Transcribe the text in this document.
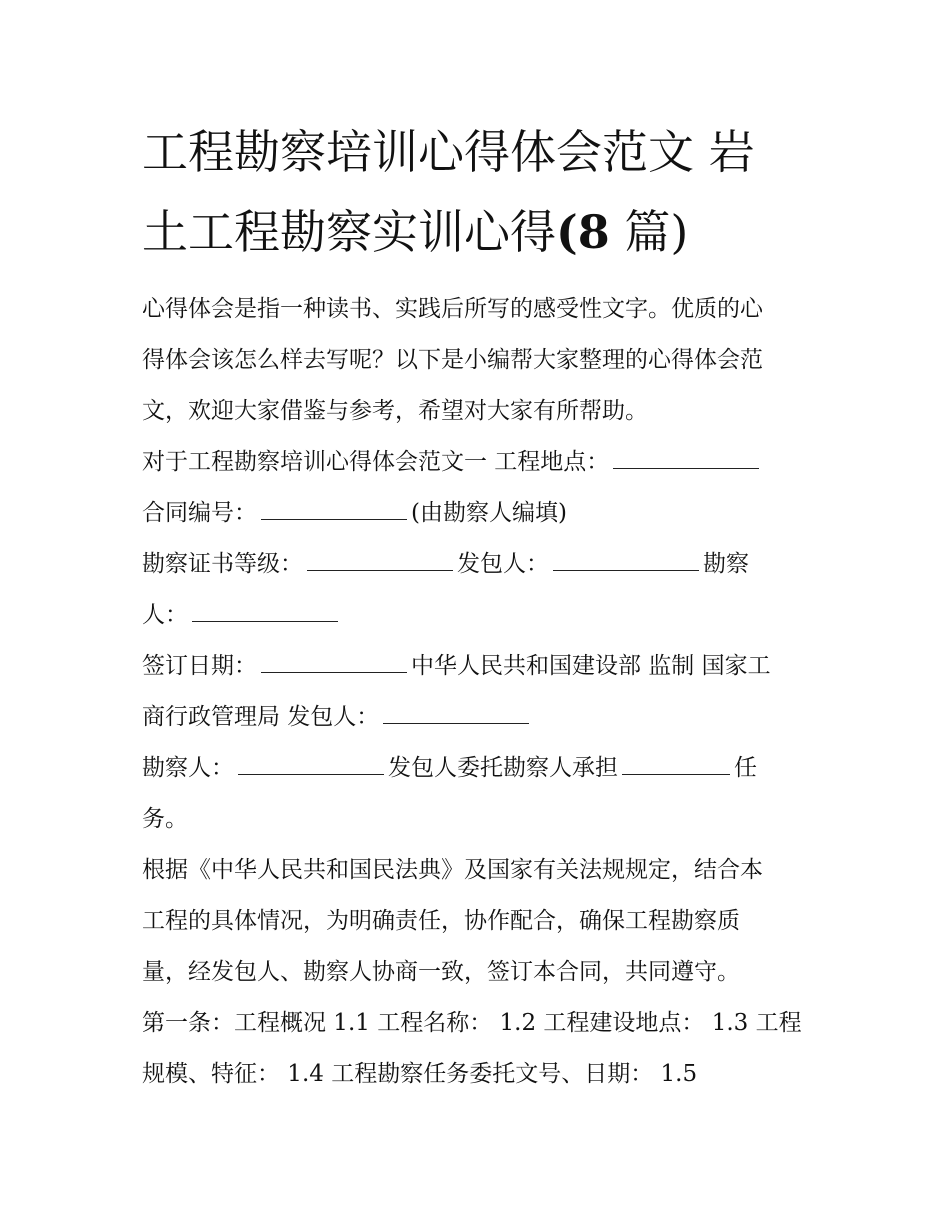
工程勘察培训心得体会范文 岩
土工程勘察实训心得(8 篇)

心得体会是指一种读书、实践后所写的感受性文字。优质的心

得体会该怎么样去写呢？以下是小编帮大家整理的心得体会范

文，欢迎大家借鉴与参考，希望对大家有所帮助。

对于工程勘察培训心得体会范文一 工程地点：

合同编号：	(由勘察人编填)

勘察证书等级：	发包人：	勘察

人：

签订日期：	中华人民共和国建设部 监制 国家工

商行政管理局 发包人：

勘察人：	发包人委托勘察人承担	任

务。

根据《中华人民共和国民法典》及国家有关法规规定，结合本

工程的具体情况，为明确责任，协作配合，确保工程勘察质

量，经发包人、勘察人协商一致，签订本合同，共同遵守。

第一条：工程概况 1.1 工程名称： 1.2 工程建设地点： 1.3 工程

规模、特征： 1.4 工程勘察任务委托文号、日期： 1.5
